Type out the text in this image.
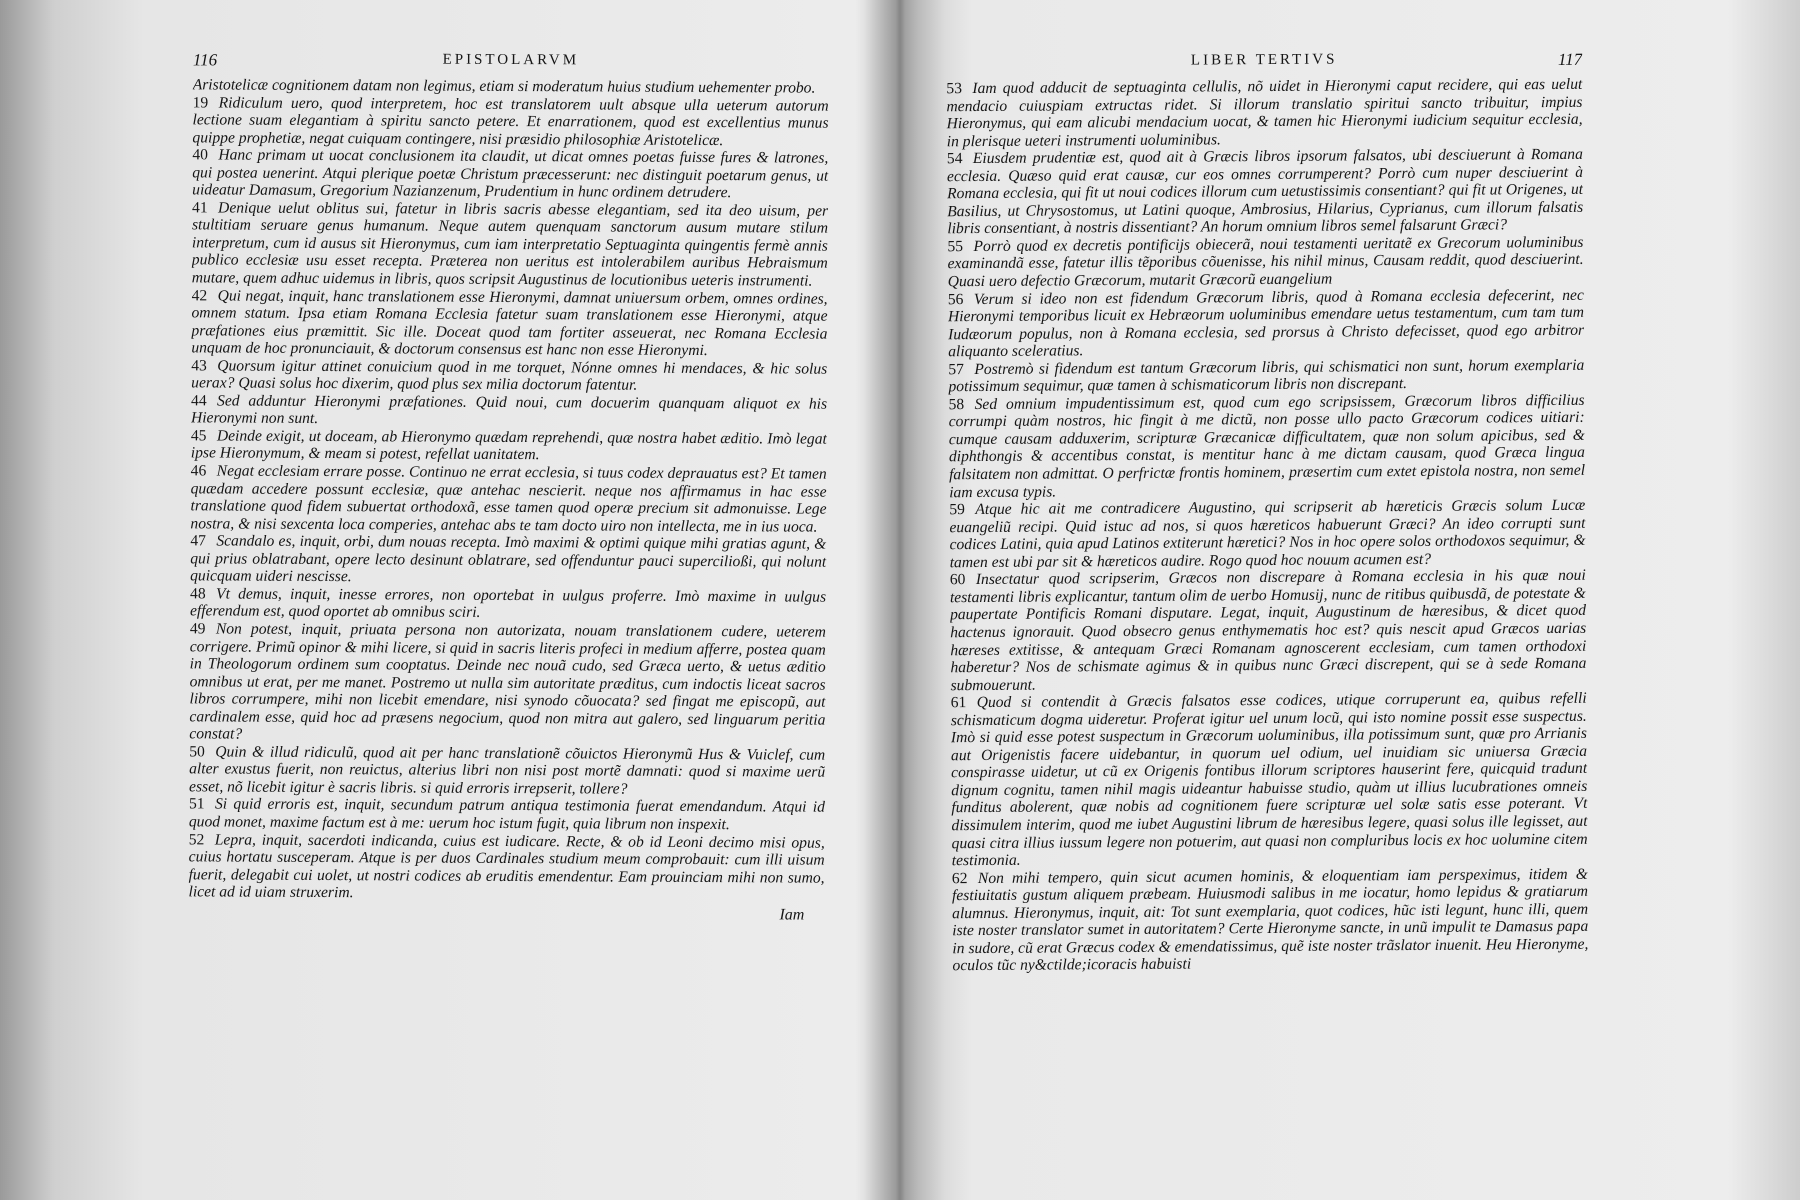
116	EPISTOLARVM

Aristotelicæ cognitionem datam non legimus, etiam si moderatum huius studium uehementer probo.

19 Ridiculum uero, quod interpretem, hoc est translatorem uult absque ulla ueterum autorum lectione suam elegantiam à spiritu sancto petere. Et enarrationem, quod est excellentius munus quippe prophetiæ, negat cuiquam contingere, nisi præsidio philosophiæ Aristotelicæ.

40 Hanc primam ut uocat conclusionem ita claudit, ut dicat omnes poetas fuisse fures & latrones, qui postea uenerint. Atqui plerique poetæ Christum præcesserunt: nec distinguit poetarum genus, ut uideatur Damasum, Gregorium Nazianzenum, Prudentium in hunc ordinem detrudere.

41 Denique uelut oblitus sui, fatetur in libris sacris abesse elegantiam, sed ita deo uisum, per stultitiam seruare genus humanum. Neque autem quenquam sanctorum ausum mutare stilum interpretum, cum id ausus sit Hieronymus, cum iam interpretatio Septuaginta quingentis fermè annis publico ecclesiæ usu esset recepta. Præterea non ueritus est intolerabilem auribus Hebraismum mutare, quem adhuc uidemus in libris, quos scripsit Augustinus de locutionibus ueteris instrumenti.

42 Qui negat, inquit, hanc translationem esse Hieronymi, damnat uniuersum orbem, omnes ordines, omnem statum. Ipsa etiam Romana Ecclesia fatetur suam translationem esse Hieronymi, atque præfationes eius præmittit. Sic ille. Doceat quod tam fortiter asseuerat, nec Romana Ecclesia unquam de hoc pronunciauit, & doctorum consensus est hanc non esse Hieronymi.

43 Quorsum igitur attinet conuicium quod in me torquet, Nónne omnes hi mendaces, & hic solus uerax? Quasi solus hoc dixerim, quod plus sex milia doctorum fatentur.

44 Sed adduntur Hieronymi præfationes. Quid noui, cum docuerim quanquam aliquot ex his Hieronymi non sunt.

45 Deinde exigit, ut doceam, ab Hieronymo quædam reprehendi, quæ nostra habet æditio. Imò legat ipse Hieronymum, & meam si potest, refellat uanitatem.

46 Negat ecclesiam errare posse. Continuo ne errat ecclesia, si tuus codex deprauatus est? Et tamen quædam accedere possunt ecclesiæ, quæ antehac nescierit. neque nos affirmamus in hac esse translatione quod fidem subuertat orthodoxã, esse tamen quod operæ precium sit admonuisse. Lege nostra, & nisi sexcenta loca comperies, antehac abs te tam docto uiro non intellecta, me in ius uoca.

47 Scandalo es, inquit, orbi, dum nouas recepta. Imò maximi & optimi quique mihi gratias agunt, & qui prius oblatrabant, opere lecto desinunt oblatrare, sed offenduntur pauci supercilioßi, qui nolunt quicquam uideri nescisse.

48 Vt demus, inquit, inesse errores, non oportebat in uulgus proferre. Imò maxime in uulgus efferendum est, quod oportet ab omnibus sciri.

49 Non potest, inquit, priuata persona non autorizata, nouam translationem cudere, ueterem corrigere. Primũ opinor & mihi licere, si quid in sacris literis profeci in medium afferre, postea quam in Theologorum ordinem sum cooptatus. Deinde nec nouã cudo, sed Græca uerto, & uetus æditio omnibus ut erat, per me manet. Postremo ut nulla sim autoritate præditus, cum indoctis liceat sacros libros corrumpere, mihi non licebit emendare, nisi synodo cõuocata? sed fingat me episcopũ, aut cardinalem esse, quid hoc ad præsens negocium, quod non mitra aut galero, sed linguarum peritia constat?

50 Quin & illud ridiculũ, quod ait per hanc translationẽ cõuictos Hieronymũ Hus & Vuiclef, cum alter exustus fuerit, non reuictus, alterius libri non nisi post mortẽ damnati: quod si maxime uerũ esset, nõ licebit igitur è sacris libris. si quid erroris irrepserit, tollere?

51 Si quid erroris est, inquit, secundum patrum antiqua testimonia fuerat emendandum. Atqui id quod monet, maxime factum est à me: uerum hoc istum fugit, quia librum non inspexit.

52 Lepra, inquit, sacerdoti indicanda, cuius est iudicare. Recte, & ob id Leoni decimo misi opus, cuius hortatu susceperam. Atque is per duos Cardinales studium meum comprobauit: cum illi uisum fuerit, delegabit cui uolet, ut nostri codices ab eruditis emendentur. Eam prouinciam mihi non sumo, licet ad id uiam struxerim.

Iam
LIBER TERTIVS	117

53 Iam quod adducit de septuaginta cellulis, nõ uidet in Hieronymi caput recidere, qui eas uelut mendacio cuiuspiam extructas ridet. Si illorum translatio spiritui sancto tribuitur, impius Hieronymus, qui eam alicubi mendacium uocat, & tamen hic Hieronymi iudicium sequitur ecclesia, in plerisque ueteri instrumenti uoluminibus.

54 Eiusdem prudentiæ est, quod ait à Græcis libros ipsorum falsatos, ubi desciuerunt à Romana ecclesia. Quæso quid erat causæ, cur eos omnes corrumperent? Porrò cum nuper desciuerint à Romana ecclesia, qui fit ut noui codices illorum cum uetustissimis consentiant? qui fit ut Origenes, ut Basilius, ut Chrysostomus, ut Latini quoque, Ambrosius, Hilarius, Cyprianus, cum illorum falsatis libris consentiant, à nostris dissentiant? An horum omnium libros semel falsarunt Græci?

55 Porrò quod ex decretis pontificijs obiecerã, noui testamenti ueritatẽ ex Grecorum uoluminibus examinandã esse, fatetur illis tẽporibus cõuenisse, his nihil minus, Causam reddit, quod desciuerint. Quasi uero defectio Græcorum, mutarit Græcorũ euangelium

56 Verum si ideo non est fidendum Græcorum libris, quod à Romana ecclesia defecerint, nec Hieronymi temporibus licuit ex Hebræorum uoluminibus emendare uetus testamentum, cum tam tum Iudæorum populus, non à Romana ecclesia, sed prorsus à Christo defecisset, quod ego arbitror aliquanto sceleratius.

57 Postremò si fidendum est tantum Græcorum libris, qui schismatici non sunt, horum exemplaria potissimum sequimur, quæ tamen à schismaticorum libris non discrepant.

58 Sed omnium impudentissimum est, quod cum ego scripsissem, Græcorum libros difficilius corrumpi quàm nostros, hic fingit à me dictũ, non posse ullo pacto Græcorum codices uitiari: cumque causam adduxerim, scripturæ Græcanicæ difficultatem, quæ non solum apicibus, sed & diphthongis & accentibus constat, is mentitur hanc à me dictam causam, quod Græca lingua falsitatem non admittat. O perfrictæ frontis hominem, præsertim cum extet epistola nostra, non semel iam excusa typis.

59 Atque hic ait me contradicere Augustino, qui scripserit ab hæreticis Græcis solum Lucæ euangeliũ recipi. Quid istuc ad nos, si quos hæreticos habuerunt Græci? An ideo corrupti sunt codices Latini, quia apud Latinos extiterunt hæretici? Nos in hoc opere solos orthodoxos sequimur, & tamen est ubi par sit & hæreticos audire. Rogo quod hoc nouum acumen est?

60 Insectatur quod scripserim, Græcos non discrepare à Romana ecclesia in his quæ noui testamenti libris explicantur, tantum olim de uerbo Homusij, nunc de ritibus quibusdã, de potestate & paupertate Pontificis Romani disputare. Legat, inquit, Augustinum de hæresibus, & dicet quod hactenus ignorauit. Quod obsecro genus enthymematis hoc est? quis nescit apud Græcos uarias hæreses extitisse, & antequam Græci Romanam agnoscerent ecclesiam, cum tamen orthodoxi haberetur? Nos de schismate agimus & in quibus nunc Græci discrepent, qui se à sede Romana submouerunt.

61 Quod si contendit à Græcis falsatos esse codices, utique corruperunt ea, quibus refelli schismaticum dogma uideretur. Proferat igitur uel unum locũ, qui isto nomine possit esse suspectus. Imò si quid esse potest suspectum in Græcorum uoluminibus, illa potissimum sunt, quæ pro Arrianis aut Origenistis facere uidebantur, in quorum uel odium, uel inuidiam sic uniuersa Græcia conspirasse uidetur, ut cũ ex Origenis fontibus illorum scriptores hauserint fere, quicquid tradunt dignum cognitu, tamen nihil magis uideantur habuisse studio, quàm ut illius lucubrationes omneis funditus abolerent, quæ nobis ad cognitionem fuere scripturæ uel solæ satis esse poterant. Vt dissimulem interim, quod me iubet Augustini librum de hæresibus legere, quasi solus ille legisset, aut quasi citra illius iussum legere non potuerim, aut quasi non compluribus locis ex hoc uolumine citem testimonia.

62 Non mihi tempero, quin sicut acumen hominis, & eloquentiam iam perspeximus, itidem & festiuitatis gustum aliquem præbeam. Huiusmodi salibus in me iocatur, homo lepidus & gratiarum alumnus. Hieronymus, inquit, ait: Tot sunt exemplaria, quot codices, hũc isti legunt, hunc illi, quem iste noster translator sumet in autoritatem? Certe Hieronyme sancte, in unũ impulit te Damasus papa in sudore, cũ erat Græcus codex & emendatissimus, quẽ iste noster trãslator inuenit. Heu Hieronyme, oculos tũc ny&ctilde;icoracis habuisti
